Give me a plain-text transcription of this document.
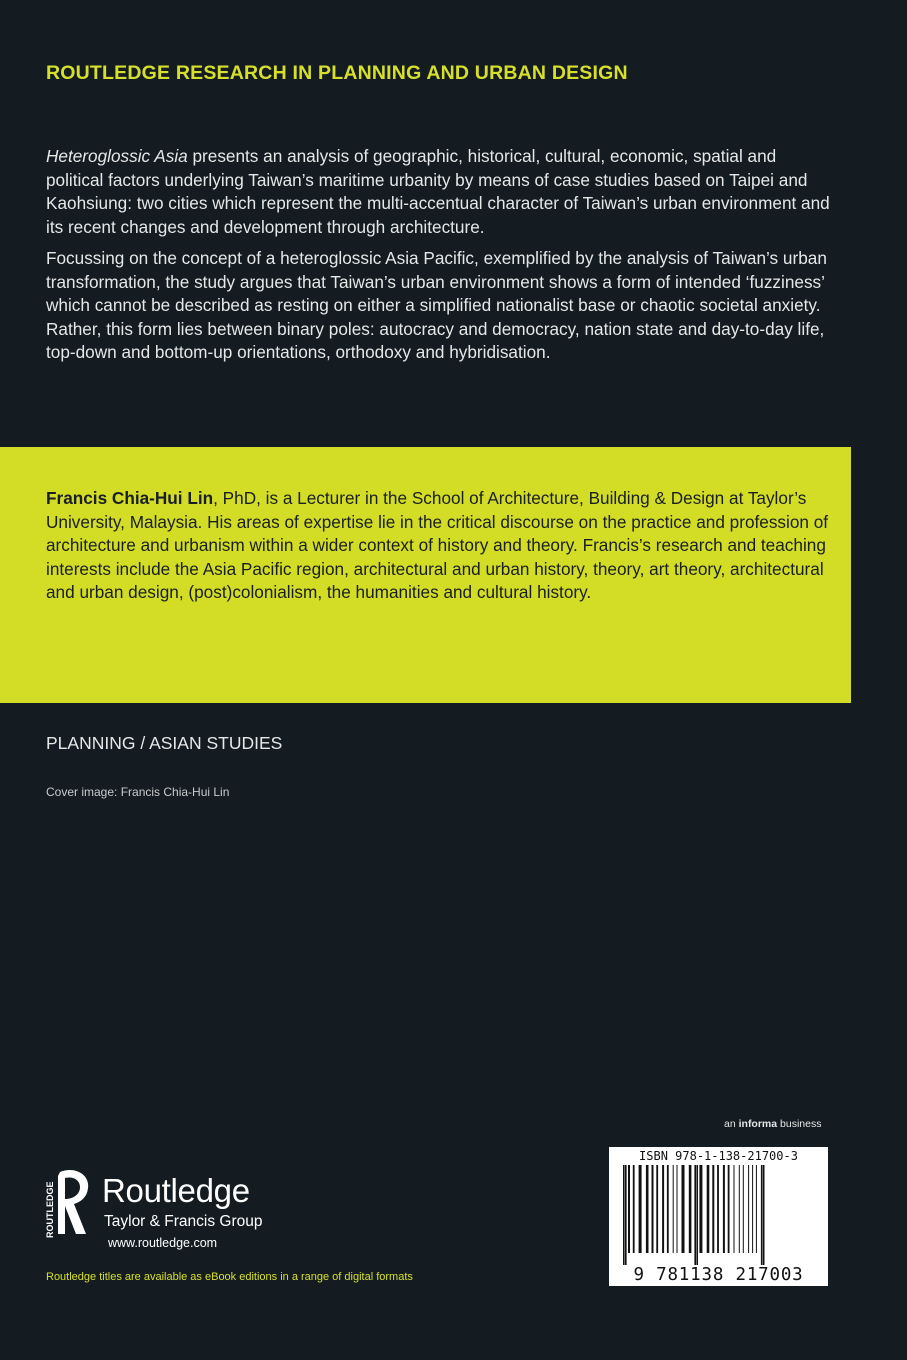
ROUTLEDGE RESEARCH IN PLANNING AND URBAN DESIGN

Heteroglossic Asia presents an analysis of geographic, historical, cultural, economic, spatial and political factors underlying Taiwan’s maritime urbanity by means of case studies based on Taipei and Kaohsiung: two cities which represent the multi-accentual character of Taiwan’s urban environment and its recent changes and development through architecture.

Focussing on the concept of a heteroglossic Asia Pacific, exemplified by the analysis of Taiwan’s urban transformation, the study argues that Taiwan’s urban environment shows a form of intended ‘fuzziness’ which cannot be described as resting on either a simplified nationalist base or chaotic societal anxiety. Rather, this form lies between binary poles: autocracy and democracy, nation state and day-to-day life, top-down and bottom-up orientations, orthodoxy and hybridisation.

Francis Chia-Hui Lin, PhD, is a Lecturer in the School of Architecture, Building & Design at Taylor’s University, Malaysia. His areas of expertise lie in the critical discourse on the practice and profession of architecture and urbanism within a wider context of history and theory. Francis’s research and teaching interests include the Asia Pacific region, architectural and urban history, theory, art theory, architectural and urban design, (post)colonialism, the humanities and cultural history.

PLANNING / ASIAN STUDIES
Cover image: Francis Chia-Hui Lin
an informa business
ROUTLEDGE Routledge
Taylor & Francis Group
www.routledge.com
Routledge titles are available as eBook editions in a range of digital formats
ISBN 978-1-138-21700-3
9 781138 217003
